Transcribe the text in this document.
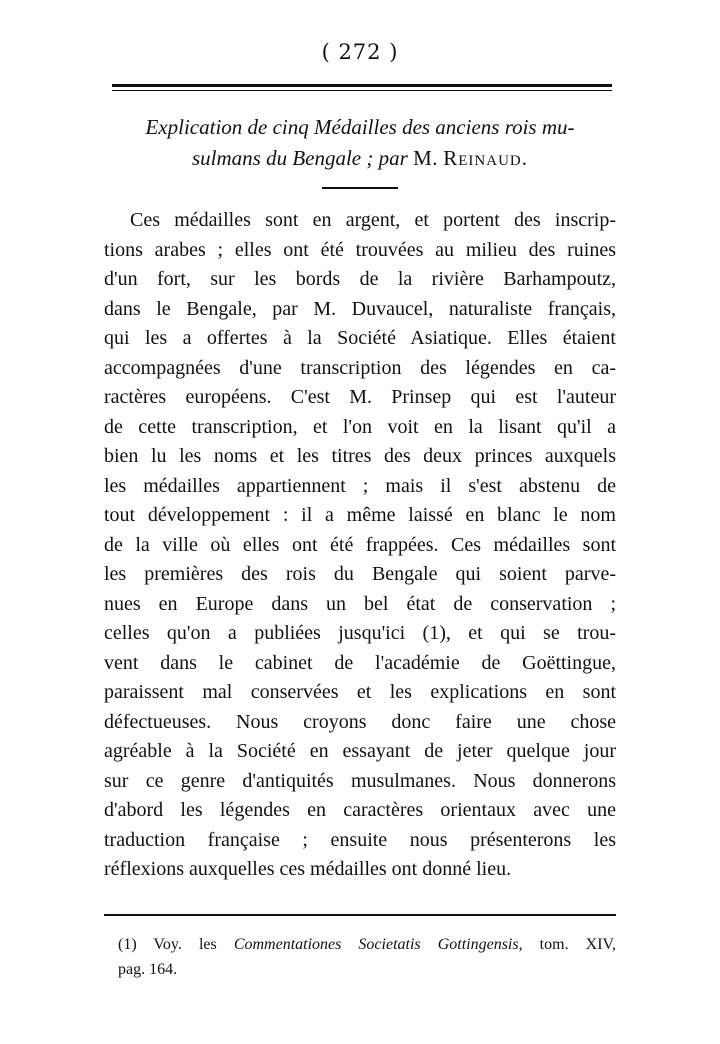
( 272 )
Explication de cinq Médailles des anciens rois mu-
sulmans du Bengale ; par M. Reinaud.
Ces médailles sont en argent, et portent des inscrip-
tions arabes ; elles ont été trouvées au milieu des ruines
d'un fort, sur les bords de la rivière Barhampoutz,
dans le Bengale, par M. Duvaucel, naturaliste français,
qui les a offertes à la Société Asiatique. Elles étaient
accompagnées d'une transcription des légendes en ca-
ractères européens. C'est M. Prinsep qui est l'auteur
de cette transcription, et l'on voit en la lisant qu'il a
bien lu les noms et les titres des deux princes auxquels
les médailles appartiennent ; mais il s'est abstenu de
tout développement : il a même laissé en blanc le nom
de la ville où elles ont été frappées. Ces médailles sont
les premières des rois du Bengale qui soient parve-
nues en Europe dans un bel état de conservation ;
celles qu'on a publiées jusqu'ici (1), et qui se trou-
vent dans le cabinet de l'académie de Goëttingue,
paraissent mal conservées et les explications en sont
défectueuses. Nous croyons donc faire une chose
agréable à la Société en essayant de jeter quelque jour
sur ce genre d'antiquités musulmanes. Nous donnerons
d'abord les légendes en caractères orientaux avec une
traduction française ; ensuite nous présenterons les
réflexions auxquelles ces médailles ont donné lieu.
(1) Voy. les Commentationes Societatis Gottingensis, tom. XIV,
pag. 164.
